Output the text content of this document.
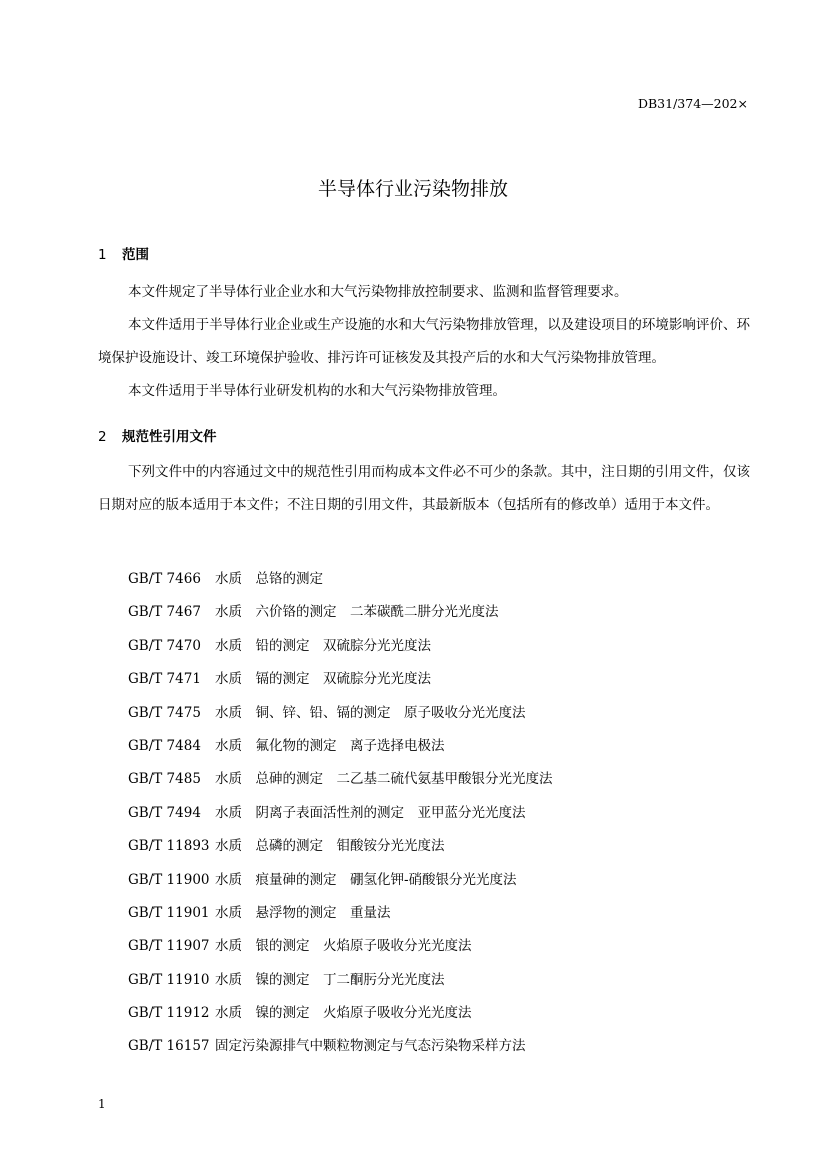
DB31/374—202×
半导体行业污染物排放
1 范围

本文件规定了半导体行业企业水和大气污染物排放控制要求、监测和监督管理要求。

本文件适用于半导体行业企业或生产设施的水和大气污染物排放管理，以及建设项目的环境影响评价、环境保护设施设计、竣工环境保护验收、排污许可证核发及其投产后的水和大气污染物排放管理。

本文件适用于半导体行业研发机构的水和大气污染物排放管理。

2 规范性引用文件

下列文件中的内容通过文中的规范性引用而构成本文件必不可少的条款。其中，注日期的引用文件，仅该日期对应的版本适用于本文件；不注日期的引用文件，其最新版本（包括所有的修改单）适用于本文件。

GB/T 7466 水质　总铬的测定
GB/T 7467 水质　六价铬的测定　二苯碳酰二肼分光光度法
GB/T 7470 水质　铅的测定　双硫腙分光光度法
GB/T 7471 水质　镉的测定　双硫腙分光光度法
GB/T 7475 水质　铜、锌、铅、镉的测定　原子吸收分光光度法
GB/T 7484 水质　氟化物的测定　离子选择电极法
GB/T 7485 水质　总砷的测定　二乙基二硫代氨基甲酸银分光光度法
GB/T 7494 水质　阴离子表面活性剂的测定　亚甲蓝分光光度法
GB/T 11893 水质　总磷的测定　钼酸铵分光光度法
GB/T 11900 水质　痕量砷的测定　硼氢化钾-硝酸银分光光度法
GB/T 11901 水质　悬浮物的测定　重量法
GB/T 11907 水质　银的测定　火焰原子吸收分光光度法
GB/T 11910 水质　镍的测定　丁二酮肟分光光度法
GB/T 11912 水质　镍的测定　火焰原子吸收分光光度法
GB/T 16157 固定污染源排气中颗粒物测定与气态污染物采样方法
1
